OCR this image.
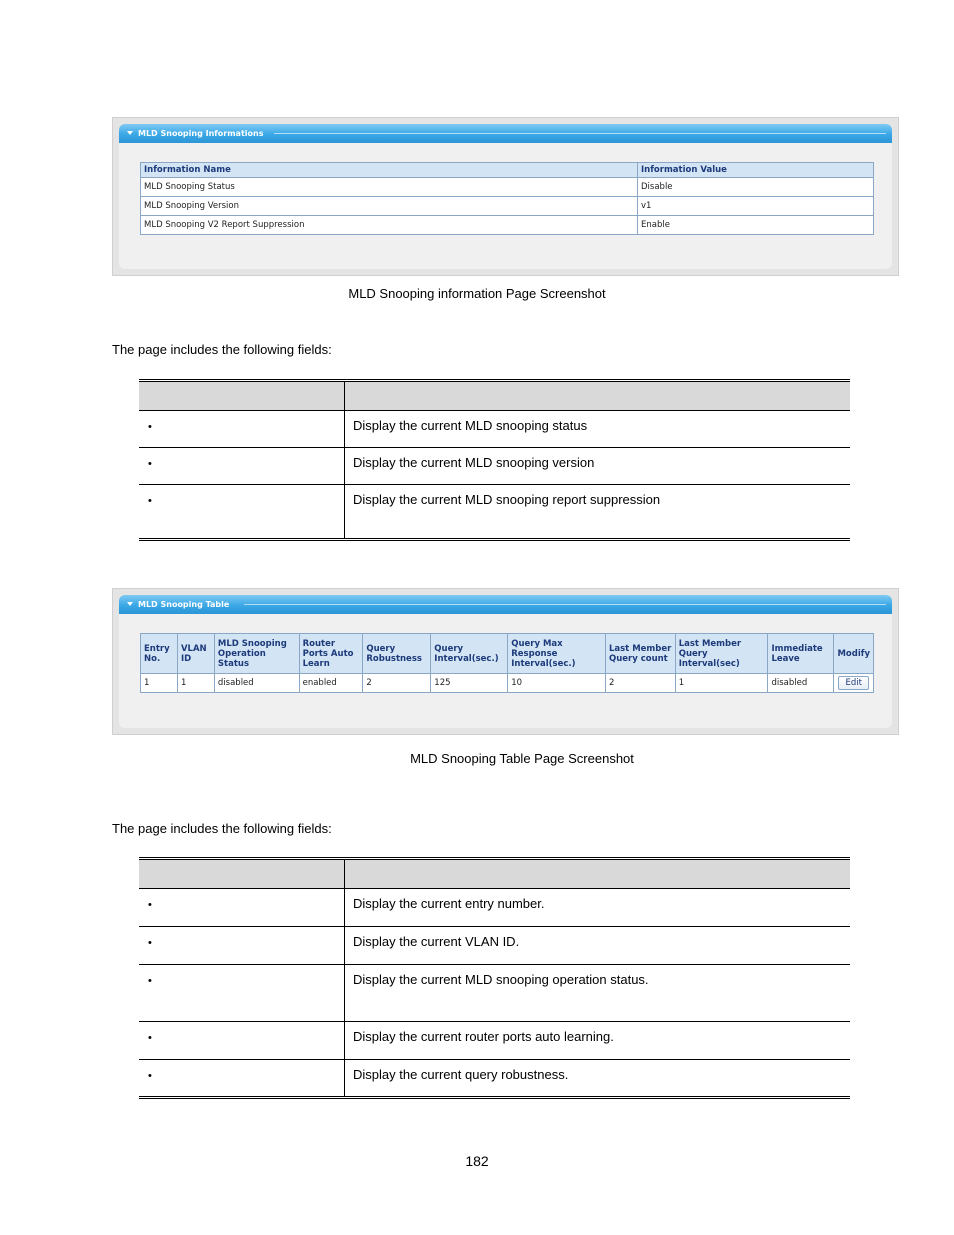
MLD Snooping Informations
Information Name	Information Value
MLD Snooping Status	Disable
MLD Snooping Version	v1
MLD Snooping V2 Report Suppression	Enable
MLD Snooping information Page Screenshot
The page includes the following fields:

•	Display the current MLD snooping status
•	Display the current MLD snooping version
•	Display the current MLD snooping report suppression
MLD Snooping Table
Entry No.	VLAN ID	MLD Snooping Operation Status	Router Ports Auto Learn	Query Robustness	Query Interval(sec.)	Query Max Response Interval(sec.)	Last Member Query count	Last Member Query Interval(sec)	Immediate Leave	Modify
1	1	disabled	enabled	2	125	10	2	1	disabled	Edit
MLD Snooping Table Page Screenshot
The page includes the following fields:

•	Display the current entry number.
•	Display the current VLAN ID.
•	Display the current MLD snooping operation status.
•	Display the current router ports auto learning.
•	Display the current query robustness.
182
